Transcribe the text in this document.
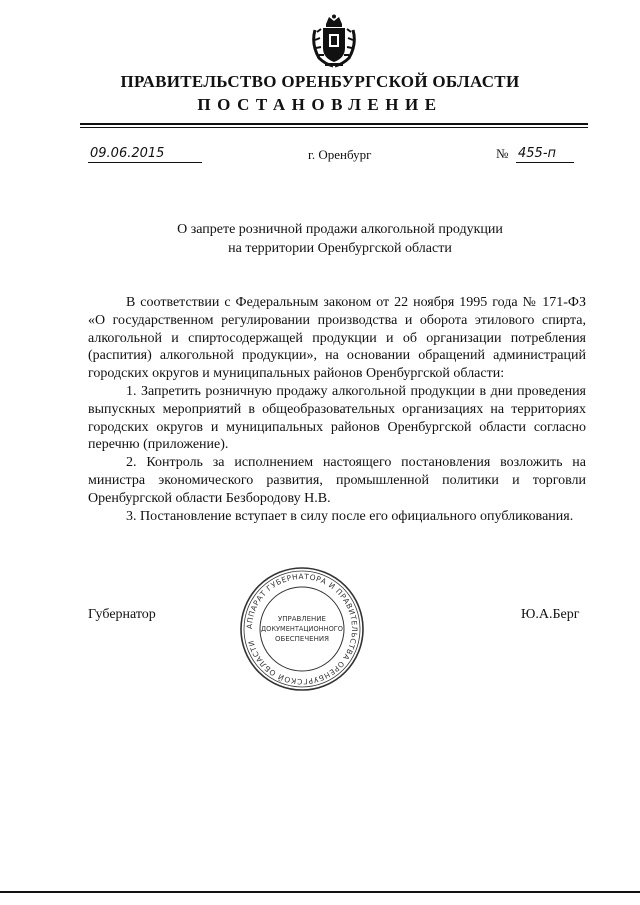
ПРАВИТЕЛЬСТВО ОРЕНБУРГСКОЙ ОБЛАСТИ
ПОСТАНОВЛЕНИЕ
09.06.2015	г. Оренбург	№ 455-п
О запрете розничной продажи алкогольной продукции
на территории Оренбургской области

В соответствии с Федеральным законом от 22 ноября 1995 года № 171-ФЗ «О государственном регулировании производства и оборота этилового спирта, алкогольной и спиртосодержащей продукции и об организации потребления (распития) алкогольной продукции», на основании обращений администраций городских округов и муниципальных районов Оренбургской области:

1. Запретить розничную продажу алкогольной продукции в дни проведения выпускных мероприятий в общеобразовательных организациях на территориях городских округов и муниципальных районов Оренбургской области согласно перечню (приложение).

2. Контроль за исполнением настоящего постановления возложить на министра экономического развития, промышленной политики и торговли Оренбургской области Безбородову Н.В.

3. Постановление вступает в силу после его официального опубликования.

Губернатор	Ю.А.Берг
АППАРАТ ГУБЕРНАТОРА И ПРАВИТЕЛЬСТВА ОРЕНБУРГСКОЙ ОБЛАСТИ
УПРАВЛЕНИЕ
ДОКУМЕНТАЦИОННОГО
ОБЕСПЕЧЕНИЯ
